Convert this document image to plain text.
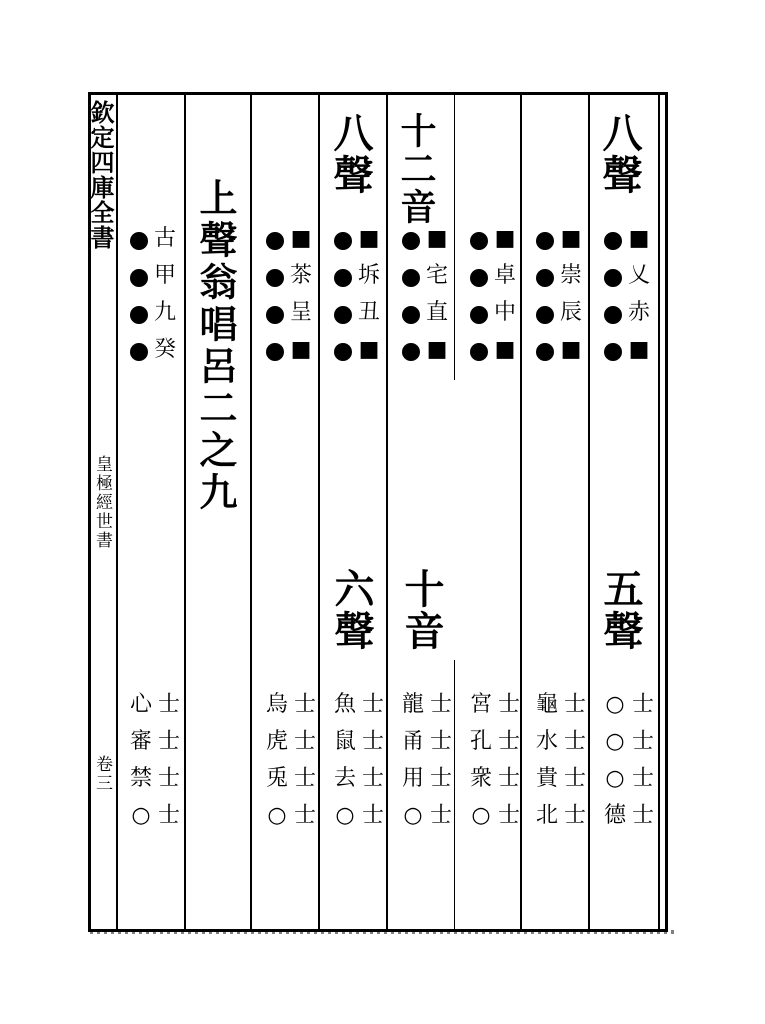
欽定四庫全書
皇極經世書
卷三
上聲翁唱呂二之九
八聲
十二音
八聲
五聲
十音
六聲
古
甲
九
癸
■
茶
呈
■
■
坼
丑
■
■
宅
直
■
■
卓
中
■
■
崇
辰
■
■
乂
赤
■
心
審
禁
○
士
士
士
士
烏
虎
兎
○
士
士
士
士
魚
鼠
去
○
士
士
士
士
龍
甬
用
○
士
士
士
士
宮
孔
衆
○
士
士
士
士
龜
水
貴
北
士
士
士
士
○
○
○
德
士
士
士
士
